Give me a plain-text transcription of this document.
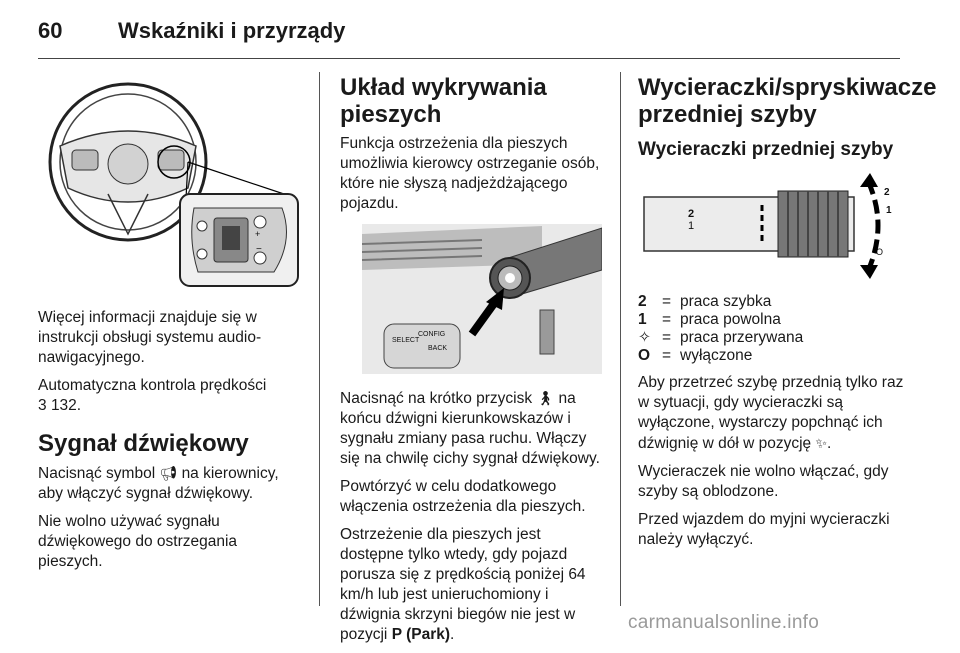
60	Wskaźniki i przyrządy
+
−

Więcej informacji znajduje się w instrukcji obsługi systemu audio-nawigacyjnego.

Automatyczna kontrola prędkości
3 132.

Sygnał dźwiękowy

Nacisnąć symbol 📢︎ na kierownicy, aby włączyć sygnał dźwiękowy.

Nie wolno używać sygnału dźwiękowego do ostrzegania pieszych.

Układ wykrywania pieszych

Funkcja ostrzeżenia dla pieszych umożliwia kierowcy ostrzeganie osób, które nie słyszą nadjeżdżającego pojazdu.

SELECT
CONFIG
BACK

Nacisnąć na krótko przycisk 🚶︎ na końcu dźwigni kierunkowskazów i sygnału zmiany pasa ruchu. Włączy się na chwilę cichy sygnał dźwiękowy.

Powtórzyć w celu dodatkowego włączenia ostrzeżenia dla pieszych.

Ostrzeżenie dla pieszych jest dostępne tylko wtedy, gdy pojazd porusza się z prędkością poniżej 64 km/h lub jest unieruchomiony i dźwignia skrzyni biegów nie jest w pozycji P (Park).

Wycieraczki/spryskiwacze przedniej szyby
Wycieraczki przedniej szyby
2
1
O
2
1
2 = praca szybka
1 = praca powolna
✧ = praca przerywana
O = wyłączone

Aby przetrzeć szybę przednią tylko raz w sytuacji, gdy wycieraczki są wyłączone, wystarczy popchnąć ich dźwignię w dół w pozycję ✨︎.

Wycieraczek nie wolno włączać, gdy szyby są oblodzone.

Przed wjazdem do myjni wycieraczki należy wyłączyć.

carmanualsonline.info
